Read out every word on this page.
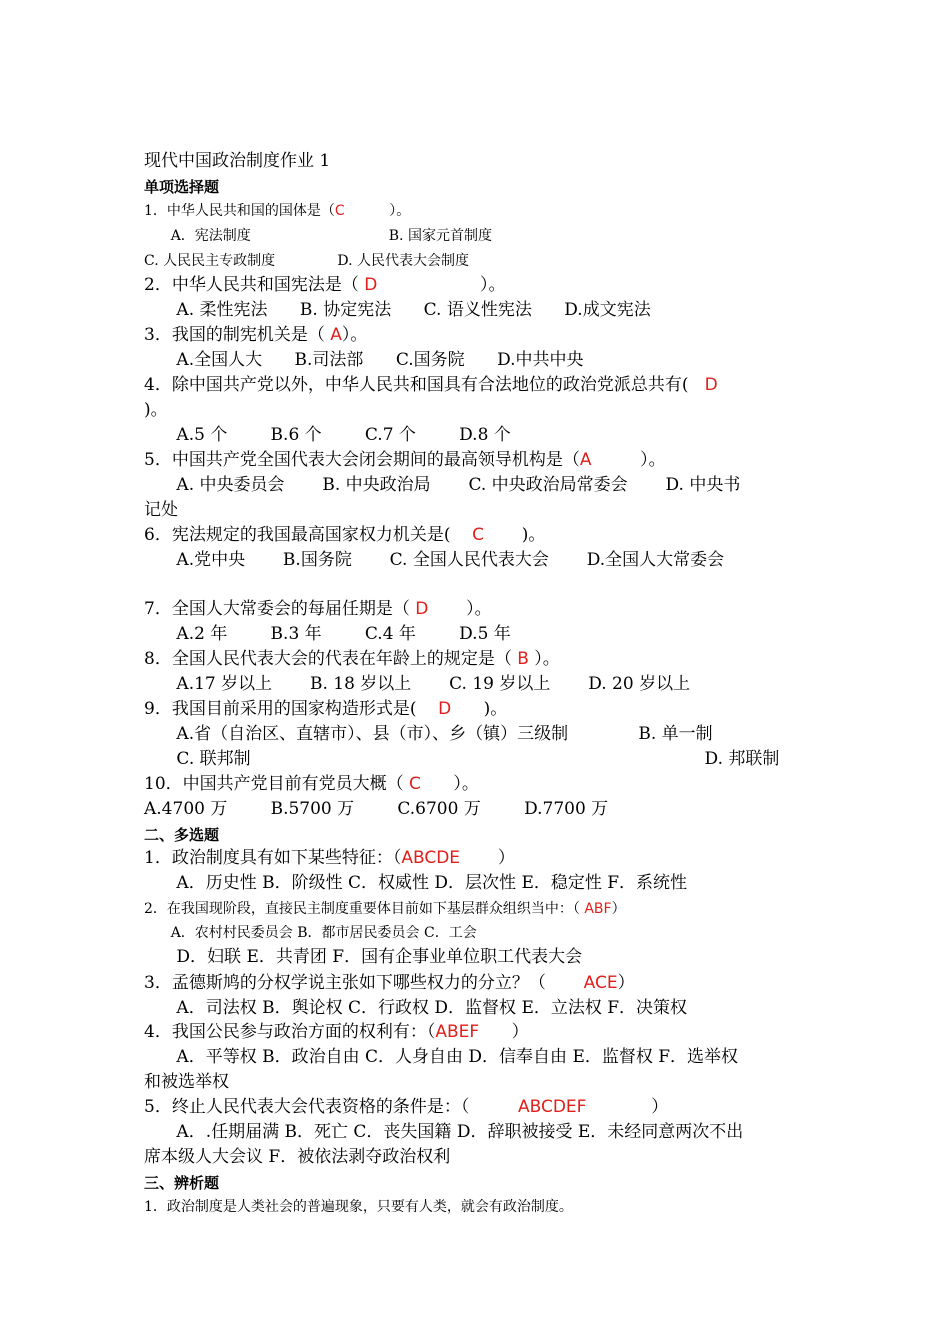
现代中国政治制度作业 1
单项选择题
1．中华人民共和国的国体是（C          ）。
A．宪法制度                               B. 国家元首制度
C. 人民民主专政制度              D. 人民代表大会制度
2．中华人民共和国宪法是（ D                   ）。
A. 柔性宪法      B. 协定宪法      C. 语义性宪法      D.成文宪法
3．我国的制宪机关是（ A）。
A.全国人大      B.司法部      C.国务院      D.中共中央
4．除中国共产党以外，中华人民共和国具有合法地位的政治党派总共有(   D
)。
A.5 个        B.6 个        C.7 个        D.8 个
5．中国共产党全国代表大会闭会期间的最高领导机构是（A         ）。
A. 中央委员会       B. 中央政治局       C. 中央政治局常委会       D. 中央书
记处
6．宪法规定的我国最高国家权力机关是(    C       )。
A.党中央       B.国务院       C. 全国人民代表大会       D.全国人大常委会
7．全国人大常委会的每届任期是（ D       ）。
A.2 年        B.3 年        C.4 年        D.5 年
8．全国人民代表大会的代表在年龄上的规定是（ B ）。
A.17 岁以上       B. 18 岁以上       C. 19 岁以上       D. 20 岁以上
9．我国目前采用的国家构造形式是(    D      )。
A.省（自治区、直辖市）、县（市）、乡（镇）三级制             B. 单一制
C. 联邦制                                                                                    D. 邦联制
10．中国共产党目前有党员大概（ C      ）。
A.4700 万        B.5700 万        C.6700 万        D.7700 万
二、多选题
1．政治制度具有如下某些特征：（ABCDE       ）
A．历史性 B．阶级性 C．权威性 D．层次性 E．稳定性 F．系统性
2．在我国现阶段，直接民主制度重要体目前如下基层群众组织当中：（ ABF）
A．农村村民委员会 B．都市居民委员会 C．工会
D．妇联 E．共青团 F．国有企事业单位职工代表大会
3．孟德斯鸠的分权学说主张如下哪些权力的分立？（       ACE）
A．司法权 B．舆论权 C．行政权 D．监督权 E．立法权 F．决策权
4．我国公民参与政治方面的权利有：（ABEF      ）
A．平等权 B．政治自由 C．人身自由 D．信奉自由 E．监督权 F．选举权
和被选举权
5．终止人民代表大会代表资格的条件是：（         ABCDEF            ）
A．.任期届满 B．死亡 C．丧失国籍 D．辞职被接受 E．未经同意两次不出
席本级人大会议 F．被依法剥夺政治权利
三、辨析题
1．政治制度是人类社会的普遍现象，只要有人类，就会有政治制度。
